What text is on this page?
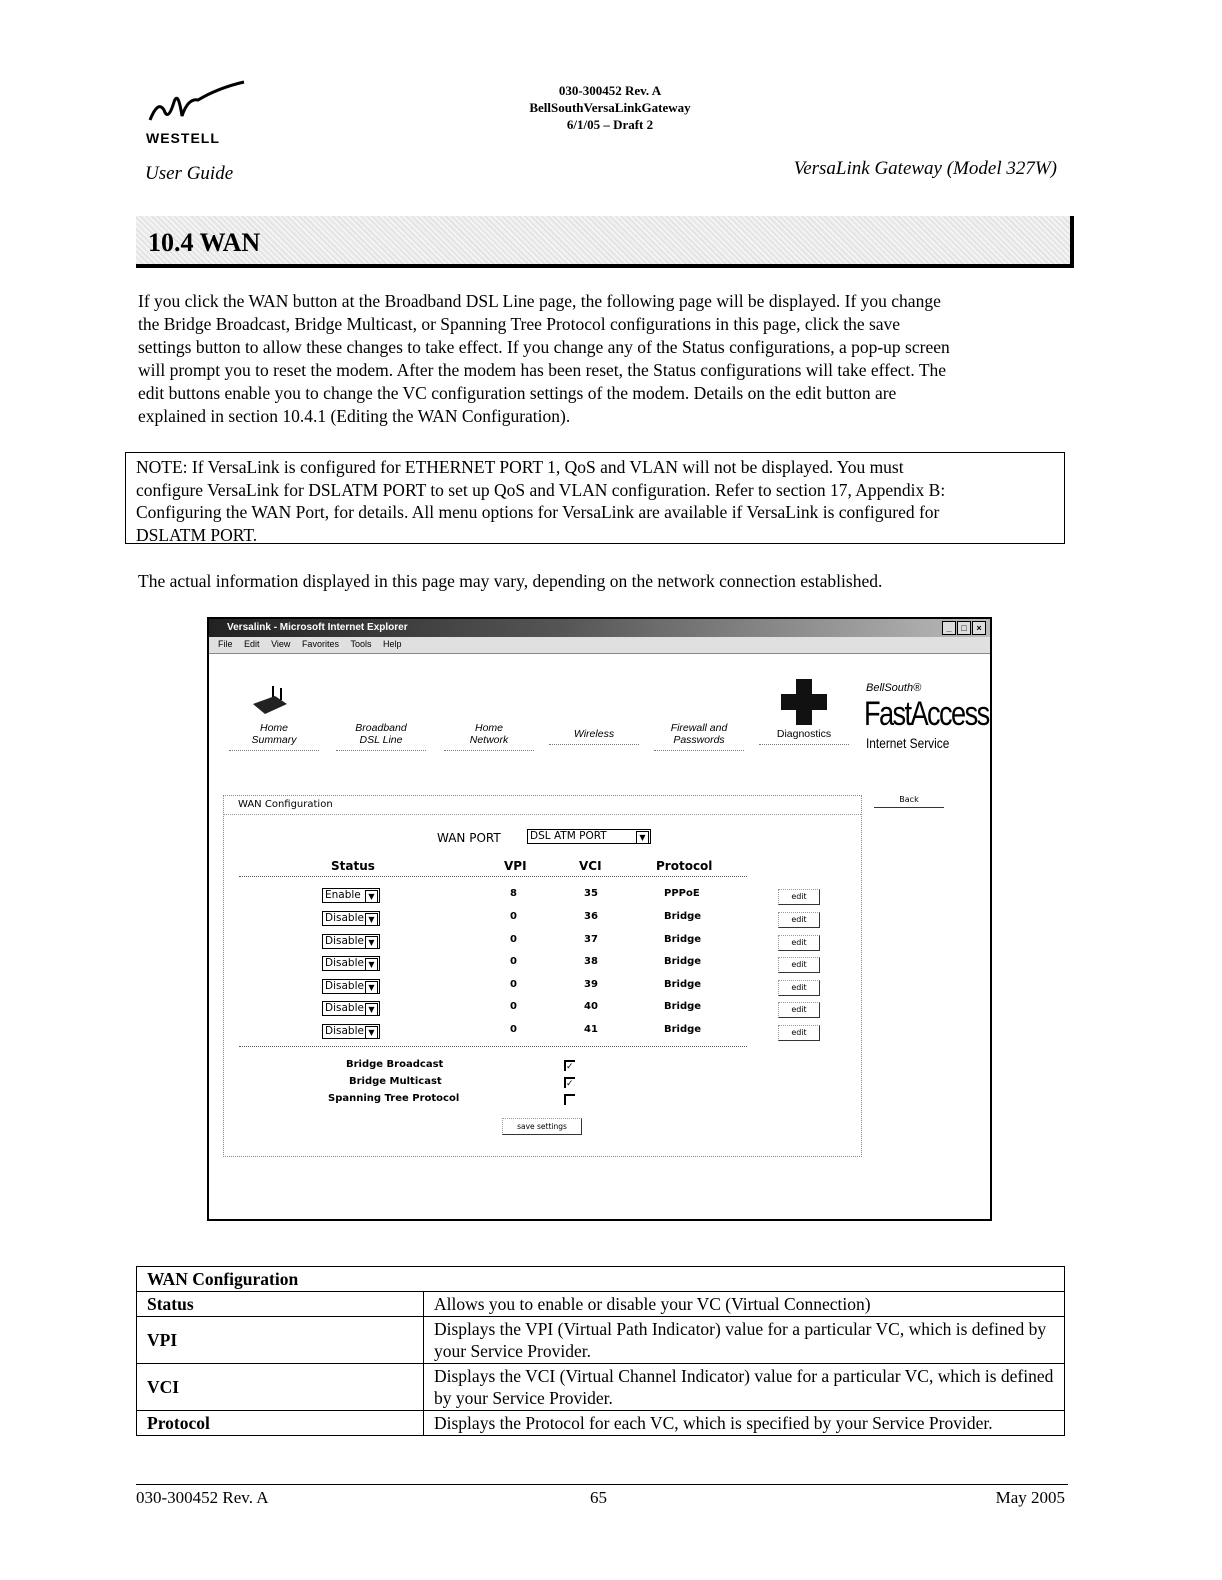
WESTELL
030-300452 Rev. A
BellSouthVersaLinkGateway
6/1/05 – Draft 2
User Guide	VersaLink Gateway (Model 327W)
10.4 WAN
If you click the WAN button at the Broadband DSL Line page, the following page will be displayed. If you change
the Bridge Broadcast, Bridge Multicast, or Spanning Tree Protocol configurations in this page, click the save
settings button to allow these changes to take effect. If you change any of the Status configurations, a pop-up screen
will prompt you to reset the modem. After the modem has been reset, the Status configurations will take effect. The
edit buttons enable you to change the VC configuration settings of the modem. Details on the edit button are
explained in section 10.4.1 (Editing the WAN Configuration).
NOTE: If VersaLink is configured for ETHERNET PORT 1, QoS and VLAN will not be displayed. You must
configure VersaLink for DSLATM PORT to set up QoS and VLAN configuration. Refer to section 17, Appendix B:
Configuring the WAN Port, for details. All menu options for VersaLink are available if VersaLink is configured for
DSLATM PORT.
The actual information displayed in this page may vary, depending on the network connection established.
Versalink - Microsoft Internet Explorer	_ □ ×
File Edit View Favorites Tools Help
Home
Summary
Broadband
DSL Line
Home
Network	Wireless	Firewall and
Passwords	Diagnostics
BellSouth®
FastAccess
Internet Service
Back
WAN Configuration
WAN PORT	DSL ATM PORT	▼
Status	VPI	VCI	Protocol
Enable ▼	8	35	PPPoE	edit
Disable ▼	0	36	Bridge	edit
Disable ▼	0	37	Bridge	edit
Disable ▼	0	38	Bridge	edit
Disable ▼	0	39	Bridge	edit
Disable ▼	0	40	Bridge	edit
Disable ▼	0	41	Bridge	edit
Bridge Broadcast	✓
Bridge Multicast	✓
Spanning Tree Protocol
save settings
WAN Configuration	
Status	Allows you to enable or disable your VC (Virtual Connection)
VPI	Displays the VPI (Virtual Path Indicator) value for a particular VC, which is defined by your Service Provider.
VCI	Displays the VCI (Virtual Channel Indicator) value for a particular VC, which is defined by your Service Provider.
Protocol	Displays the Protocol for each VC, which is specified by your Service Provider.
030-300452 Rev. A	65	May 2005
